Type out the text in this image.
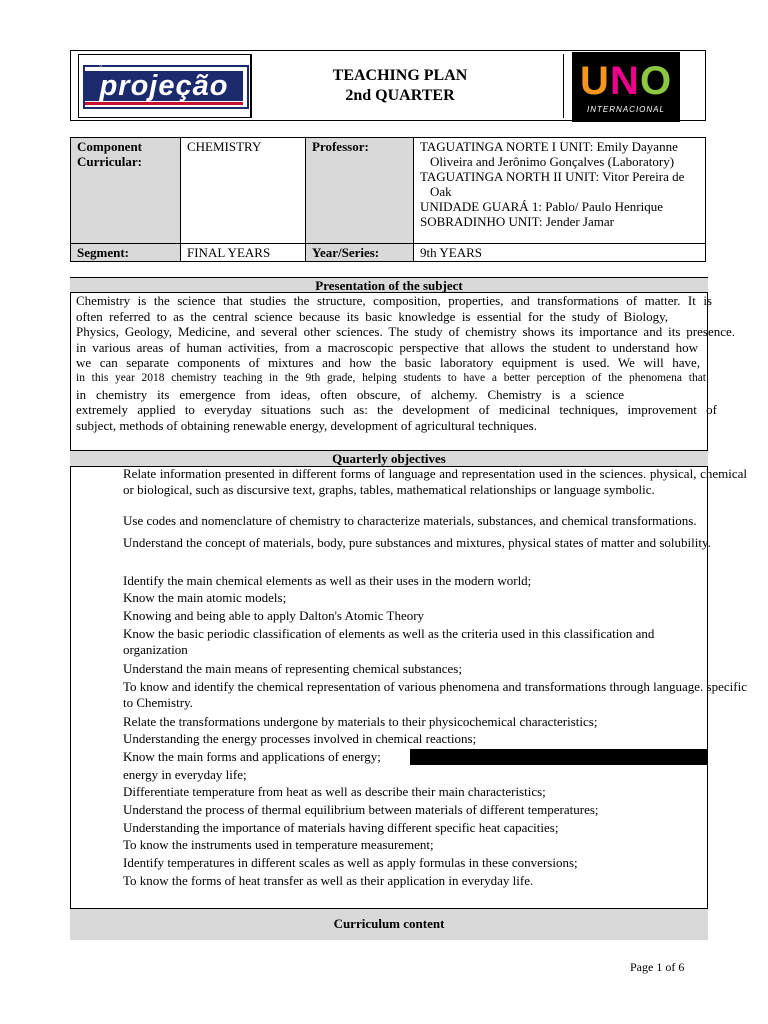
projeção
Colégio
TEACHING PLAN
2nd QUARTER	U N O
INTERNACIONAL
Component Curricular:	CHEMISTRY	Professor:	TAGUATINGA NORTE I UNIT: Emily Dayanne Oliveira and Jerônimo Gonçalves (Laboratory)
TAGUATINGA NORTH II UNIT: Vitor Pereira de Oak
UNIDADE GUARÁ 1: Pablo/ Paulo Henrique
SOBRADINHO UNIT: Jender Jamar

Segment:	FINAL YEARS	Year/Series:	9th YEARS
Presentation of the subject
Chemistry is the science that studies the structure, composition, properties, and transformations of matter. It is
often referred to as the central science because its basic knowledge is essential for the study of Biology,
Physics, Geology, Medicine, and several other sciences. The study of chemistry shows its importance and its presence.
in various areas of human activities, from a macroscopic perspective that allows the student to understand how
we can separate components of mixtures and how the basic laboratory equipment is used. We will have,
in this year 2018 chemistry teaching in the 9th grade, helping students to have a better perception of the phenomena that
in chemistry its emergence from ideas, often obscure, of alchemy. Chemistry is a science
extremely applied to everyday situations such as: the development of medicinal techniques, improvement of
subject, methods of obtaining renewable energy, development of agricultural techniques.
Quarterly objectives
Relate information presented in different forms of language and representation used in the sciences. physical, chemical or biological, such as discursive text, graphs, tables, mathematical relationships or language symbolic.
Use codes and nomenclature of chemistry to characterize materials, substances, and chemical transformations.
Understand the concept of materials, body, pure substances and mixtures, physical states of matter and solubility.
Identify the main chemical elements as well as their uses in the modern world;
Know the main atomic models;
Knowing and being able to apply Dalton's Atomic Theory
Know the basic periodic classification of elements as well as the criteria used in this classification and organization
Understand the main means of representing chemical substances;
To know and identify the chemical representation of various phenomena and transformations through language. specific to Chemistry.
Relate the transformations undergone by materials to their physicochemical characteristics;
Understanding the energy processes involved in chemical reactions;
Know the main forms and applications of energy;
energy in everyday life;
Differentiate temperature from heat as well as describe their main characteristics;
Understand the process of thermal equilibrium between materials of different temperatures;
Understanding the importance of materials having different specific heat capacities;
To know the instruments used in temperature measurement;
Identify temperatures in different scales as well as apply formulas in these conversions;
To know the forms of heat transfer as well as their application in everyday life.
Curriculum content
Page 1 of 6
